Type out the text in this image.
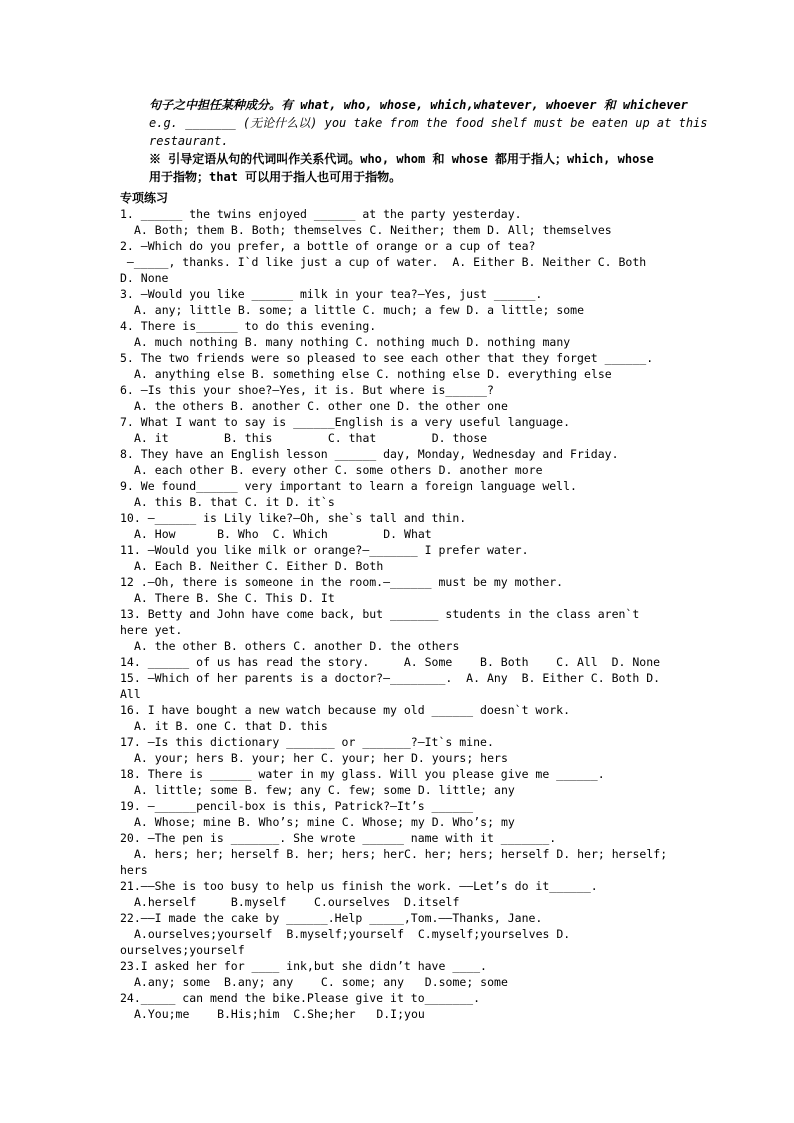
句子之中担任某种成分。有 what, who, whose, which,whatever, whoever 和 whichever
e.g. _______ (无论什么以) you take from the food shelf must be eaten up at this
restaurant.
※ 引导定语从句的代词叫作关系代词。who, whom 和 whose 都用于指人；which, whose
用于指物；that 可以用于指人也可用于指物。
专项练习
1. ______ the twins enjoyed ______ at the party yesterday.
A. Both; them B. Both; themselves C. Neither; them D. All; themselves
2. —Which do you prefer, a bottle of orange or a cup of tea?
—_____, thanks. I`d like just a cup of water.  A. Either B. Neither C. Both
D. None
3. —Would you like ______ milk in your tea?—Yes, just ______.
A. any; little B. some; a little C. much; a few D. a little; some
4. There is______ to do this evening.
A. much nothing B. many nothing C. nothing much D. nothing many
5. The two friends were so pleased to see each other that they forget ______.
A. anything else B. something else C. nothing else D. everything else
6. —Is this your shoe?—Yes, it is. But where is______?
A. the others B. another C. other one D. the other one
7. What I want to say is ______English is a very useful language.
A. it        B. this        C. that        D. those
8. They have an English lesson ______ day, Monday, Wednesday and Friday.
A. each other B. every other C. some others D. another more
9. We found______ very important to learn a foreign language well.
A. this B. that C. it D. it`s
10. —______ is Lily like?—Oh, she`s tall and thin.
A. How      B. Who  C. Which        D. What
11. —Would you like milk or orange?—_______ I prefer water.
A. Each B. Neither C. Either D. Both
12 .—Oh, there is someone in the room.—______ must be my mother.
A. There B. She C. This D. It
13. Betty and John have come back, but _______ students in the class aren`t
here yet.
A. the other B. others C. another D. the others
14. ______ of us has read the story.     A. Some    B. Both    C. All  D. None
15. —Which of her parents is a doctor?—________.  A. Any  B. Either C. Both D.
All
16. I have bought a new watch because my old ______ doesn`t work.
A. it B. one C. that D. this
17. —Is this dictionary _______ or _______?—It`s mine.
A. your; hers B. your; her C. your; her D. yours; hers
18. There is ______ water in my glass. Will you please give me ______.
A. little; some B. few; any C. few; some D. little; any
19. —______pencil-box is this, Patrick?—It’s ______
A. Whose; mine B. Who’s; mine C. Whose; my D. Who’s; my
20. —The pen is _______. She wrote ______ name with it _______.
A. hers; her; herself B. her; hers; herC. her; hers; herself D. her; herself;
hers
21.——She is too busy to help us finish the work. ——Let’s do it______.
A.herself     B.myself    C.ourselves  D.itself
22.——I made the cake by ______.Help _____,Tom.——Thanks, Jane.
A.ourselves;yourself  B.myself;yourself  C.myself;yourselves D.
ourselves;yourself
23.I asked her for ____ ink,but she didn’t have ____.
A.any; some  B.any; any    C. some; any   D.some; some
24._____ can mend the bike.Please give it to_______.
A.You;me    B.His;him  C.She;her   D.I;you
